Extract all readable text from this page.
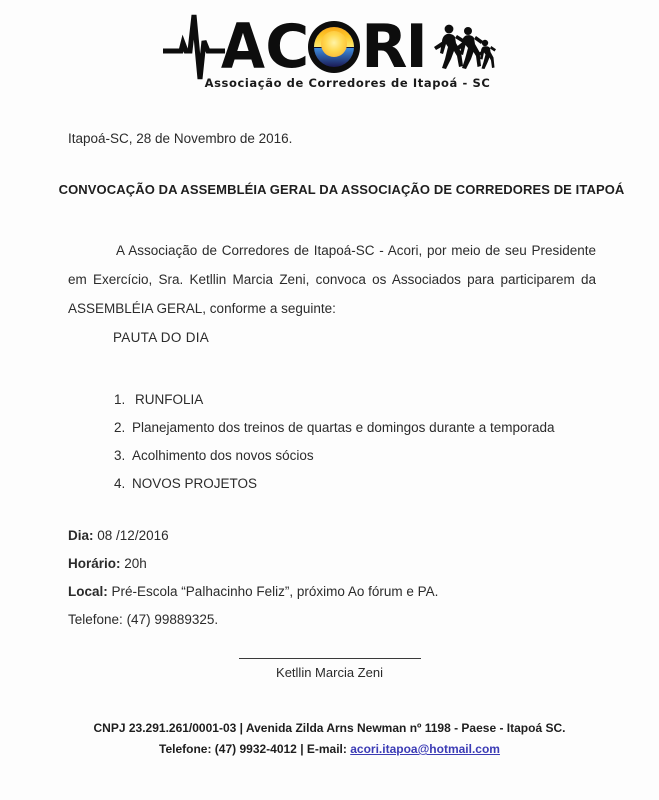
A C R I
Associação de Corredores de Itapoá - SC
Itapoá-SC, 28 de Novembro de 2016.
CONVOCAÇÃO DA ASSEMBLÉIA GERAL DA ASSOCIAÇÃO DE CORREDORES DE ITAPOÁ
A Associação de Corredores de Itapoá-SC - Acori, por meio de seu Presidente em Exercício, Sra. Ketllin Marcia Zeni, convoca os Associados para participarem da ASSEMBLÉIA GERAL, conforme a seguinte:
PAUTA DO DIA
1. RUNFOLIA
2. Planejamento dos treinos de quartas e domingos durante a temporada
3. Acolhimento dos novos sócios
4. NOVOS PROJETOS
Dia: 08 /12/2016
Horário: 20h
Local: Pré-Escola “Palhacinho Feliz”, próximo Ao fórum e PA.
Telefone: (47) 99889325.
Ketllin Marcia Zeni
CNPJ 23.291.261/0001-03 | Avenida Zilda Arns Newman nº 1198 - Paese - Itapoá SC.
Telefone: (47) 9932-4012 | E-mail: acori.itapoa@hotmail.com
